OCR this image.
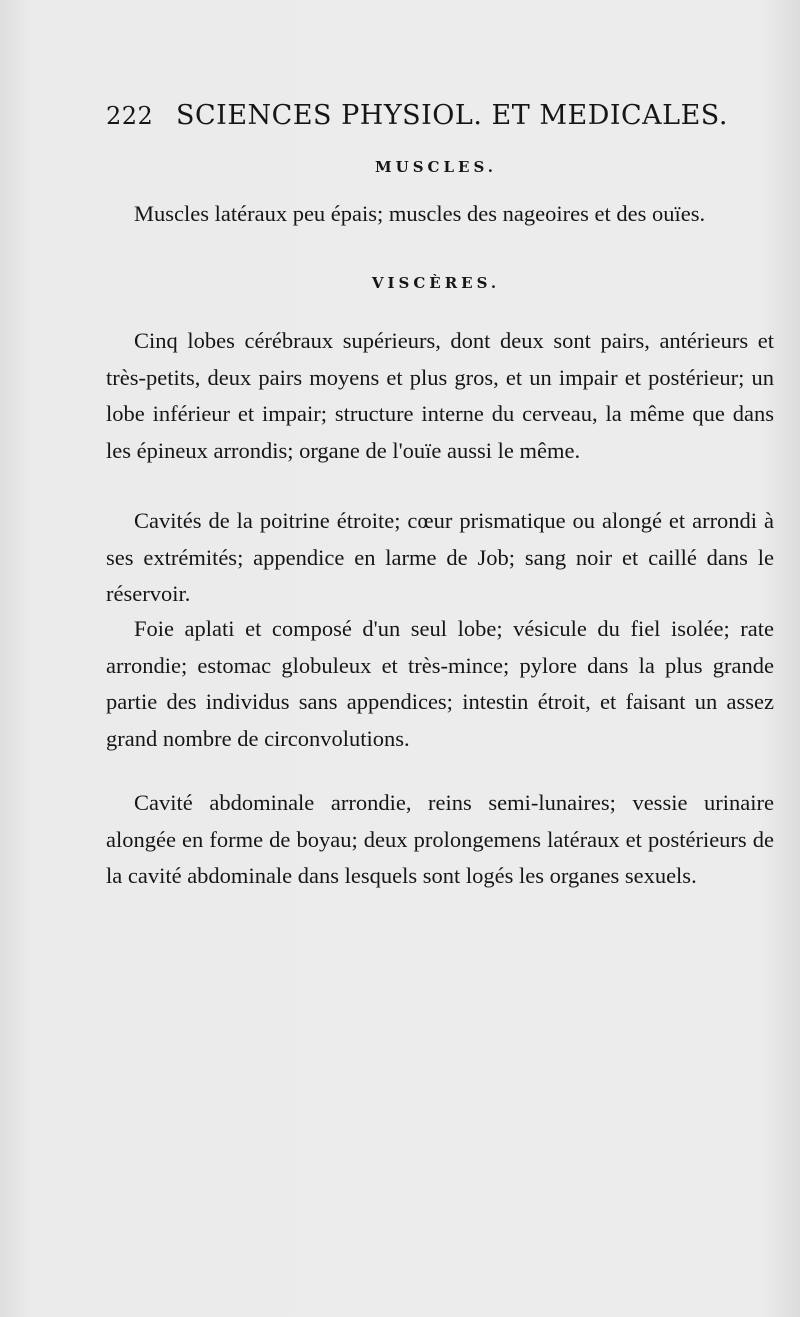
222 SCIENCES PHYSIOL. ET MEDICALES.
MUSCLES.
Muscles latéraux peu épais; muscles des nageoires et des ouïes.
VISCÈRES.
Cinq lobes cérébraux supérieurs, dont deux sont pairs, antérieurs et très-petits, deux pairs moyens et plus gros, et un impair et postérieur; un lobe inférieur et impair; structure interne du cerveau, la même que dans les épineux arrondis; organe de l'ouïe aussi le même.
Cavités de la poitrine étroite; cœur prismatique ou alongé et arrondi à ses extrémités; appendice en larme de Job; sang noir et caillé dans le réservoir.
Foie aplati et composé d'un seul lobe; vésicule du fiel isolée; rate arrondie; estomac globuleux et très-mince; pylore dans la plus grande partie des individus sans appendices; intestin étroit, et faisant un assez grand nombre de circonvolutions.
Cavité abdominale arrondie, reins semi-lunaires; vessie urinaire alongée en forme de boyau; deux prolongemens latéraux et postérieurs de la cavité abdominale dans lesquels sont logés les organes sexuels.
